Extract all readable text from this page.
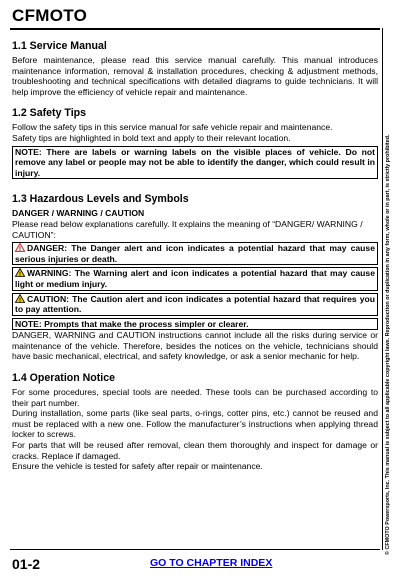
CFMOTO
© CFMOTO Powersports, Inc. This manual is subject to all applicable copyright laws. Reproduction or duplication in any form, whole or in part, is strictly prohibited.
1.1 Service Manual

Before maintenance, please read this service manual carefully. This manual introduces maintenance information, removal & installation procedures, checking & adjustment methods, troubleshooting and technical specifications with detailed diagrams to guide technicians. It will help improve the efficiency of vehicle repair and maintenance.

1.2 Safety Tips

Follow the safety tips in this service manual for safe vehicle repair and maintenance.

Safety tips are highlighted in bold text and apply to their relevant location.

NOTE: There are labels or warning labels on the visible places of vehicle. Do not remove any label or people may not be able to identify the danger, which could result in injury.
1.3 Hazardous Levels and Symbols

DANGER / WARNING / CAUTION

Please read below explanations carefully. It explains the meaning of “DANGER/ WARNING / CAUTION”:

! DANGER: The Danger alert and icon indicates a potential hazard that may cause serious injuries or death.
! WARNING: The Warning alert and icon indicates a potential hazard that may cause light or medium injury.
! CAUTION: The Caution alert and icon indicates a potential hazard that requires you to pay attention.
NOTE: Prompts that make the process simpler or clearer.

DANGER, WARNING and CAUTION instructions cannot include all the risks during service or maintenance of the vehicle. Therefore, besides the notices on the vehicle, technicians should have basic mechanical, electrical, and safety knowledge, or ask a senior mechanic for help.

1.4 Operation Notice

For some procedures, special tools are needed. These tools can be purchased according to their part number.

During installation, some parts (like seal parts, o-rings, cotter pins, etc.) cannot be reused and must be replaced with a new one. Follow the manufacturer’s instructions when applying thread locker to screws.

For parts that will be reused after removal, clean them thoroughly and inspect for damage or cracks. Replace if damaged.

Ensure the vehicle is tested for safety after repair or maintenance.

01-2	GO TO CHAPTER INDEX
